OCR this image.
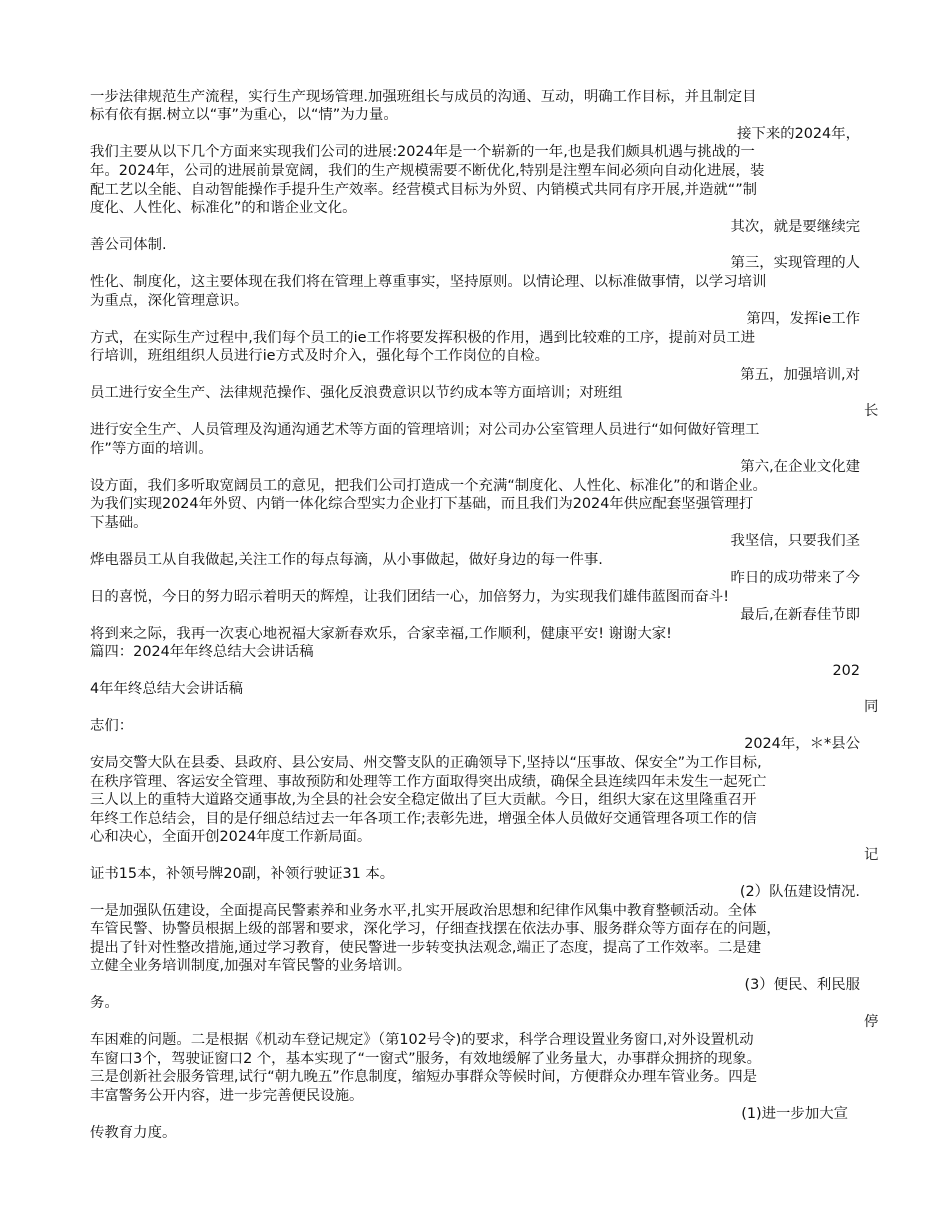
一步法律规范生产流程，实行生产现场管理.加强班组长与成员的沟通、互动，明确工作目标，并且制定目
标有依有据.树立以“事”为重心，以“情”为力量。
接下来的2024年，
我们主要从以下几个方面来实现我们公司的进展:2024年是一个崭新的一年,也是我们颇具机遇与挑战的一
年。2024年，公司的进展前景宽阔，我们的生产规模需要不断优化,特别是注塑车间必须向自动化进展，装
配工艺以全能、自动智能操作手提升生产效率。经营模式目标为外贸、内销模式共同有序开展,并造就“”制
度化、人性化、标准化”的和谐企业文化。
其次，就是要继续完
善公司体制.
第三，实现管理的人
性化、制度化，这主要体现在我们将在管理上尊重事实，坚持原则。以情论理、以标准做事情，以学习培训
为重点，深化管理意识。
第四，发挥ie工作
方式，在实际生产过程中,我们每个员工的ie工作将要发挥积极的作用，遇到比较难的工序，提前对员工进
行培训，班组组织人员进行ie方式及时介入，强化每个工作岗位的自检。
第五，加强培训,对
员工进行安全生产、法律规范操作、强化反浪费意识以节约成本等方面培训；对班组
长
进行安全生产、人员管理及沟通沟通艺术等方面的管理培训；对公司办公室管理人员进行“如何做好管理工
作”等方面的培训。
第六,在企业文化建
设方面，我们多听取宽阔员工的意见，把我们公司打造成一个充满“制度化、人性化、标准化”的和谐企业。
为我们实现2024年外贸、内销一体化综合型实力企业打下基础，而且我们为2024年供应配套坚强管理打
下基础。
我坚信，只要我们圣
烨电器员工从自我做起,关注工作的每点每滴，从小事做起，做好身边的每一件事.
昨日的成功带来了今
日的喜悦，今日的努力昭示着明天的辉煌，让我们团结一心，加倍努力，为实现我们雄伟蓝图而奋斗!
最后,在新春佳节即
将到来之际，我再一次衷心地祝福大家新春欢乐，合家幸福,工作顺利，健康平安! 谢谢大家!
篇四：2024年年终总结大会讲话稿
202
4年年终总结大会讲话稿
同
志们：
2024年，＊*县公
安局交警大队在县委、县政府、县公安局、州交警支队的正确领导下,坚持以“压事故、保安全”为工作目标,
在秩序管理、客运安全管理、事故预防和处理等工作方面取得突出成绩，确保全县连续四年未发生一起死亡
三人以上的重特大道路交通事故,为全县的社会安全稳定做出了巨大贡献。今日，组织大家在这里隆重召开
年终工作总结会，目的是仔细总结过去一年各项工作;表彰先进，增强全体人员做好交通管理各项工作的信
心和决心，全面开创2024年度工作新局面。
记
证书15本，补领号牌20副，补领行驶证31 本。
(2）队伍建设情况.
一是加强队伍建设，全面提高民警素养和业务水平,扎实开展政治思想和纪律作风集中教育整顿活动。全体
车管民警、协警员根据上级的部署和要求，深化学习，仔细查找摆在依法办事、服务群众等方面存在的问题，
提出了针对性整改措施,通过学习教育，使民警进一步转变执法观念,端正了态度，提高了工作效率。二是建
立健全业务培训制度,加强对车管民警的业务培训。
(3）便民、利民服
务。
停
车困难的问题。二是根据《机动车登记规定》（第102号令)的要求，科学合理设置业务窗口,对外设置机动
车窗口3个，驾驶证窗口2 个，基本实现了“一窗式”服务，有效地缓解了业务量大，办事群众拥挤的现象。
三是创新社会服务管理,试行“朝九晚五”作息制度，缩短办事群众等候时间，方便群众办理车管业务。四是
丰富警务公开内容，进一步完善便民设施。
(1)进一步加大宣
传教育力度。
